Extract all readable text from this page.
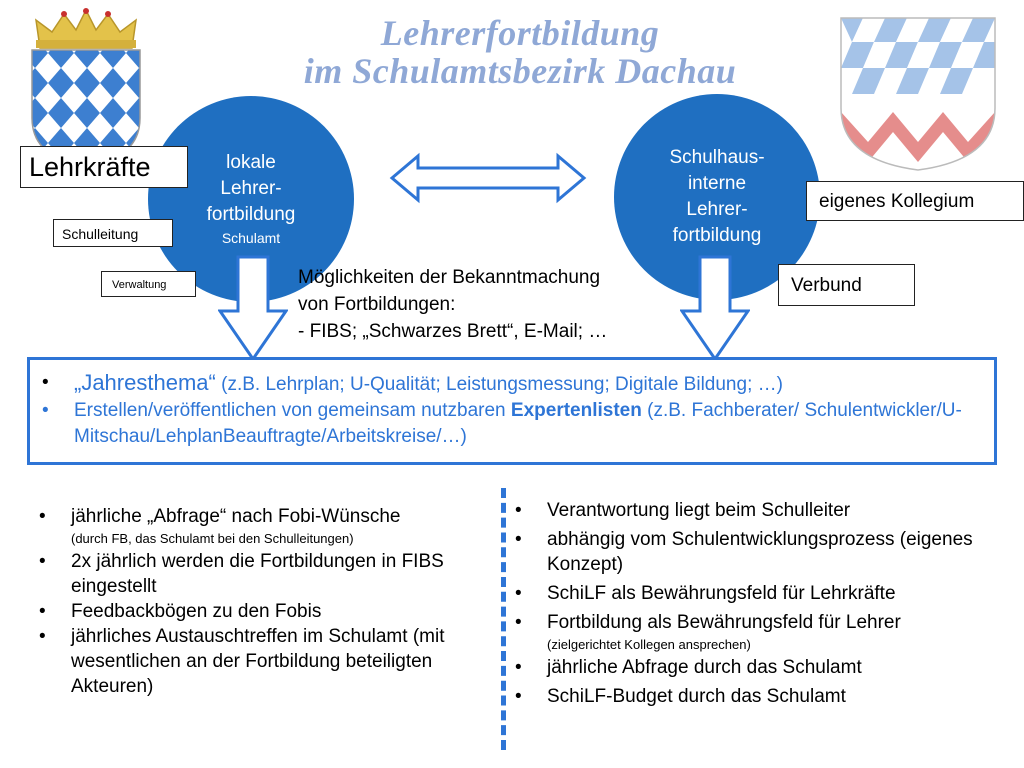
Lehrerfortbildung
im Schulamtsbezirk Dachau
lokale
Lehrer-
fortbildung
Schulamt
Schulhaus-
interne
Lehrer-
fortbildung
Lehrkräfte
Schulleitung
Verwaltung
eigenes Kollegium
Verbund
Möglichkeiten der Bekanntmachung
von Fortbildungen:
- FIBS; „Schwarzes Brett“, E-Mail; …
• „Jahresthema“ (z.B. Lehrplan; U-Qualität; Leistungsmessung; Digitale Bildung; …)
• Erstellen/veröffentlichen von gemeinsam nutzbaren Expertenlisten (z.B. Fachberater/ Schulentwickler/U-Mitschau/LehplanBeauftragte/Arbeitskreise/…)
• jährliche „Abfrage“ nach Fobi-Wünsche
(durch FB, das Schulamt bei den Schulleitungen)
• 2x jährlich werden die Fortbildungen in FIBS eingestellt
• Feedbackbögen zu den Fobis
• jährliches Austauschtreffen im Schulamt (mit wesentlichen an der Fortbildung beteiligten Akteuren)
• Verantwortung liegt beim Schulleiter
• abhängig vom Schulentwicklungsprozess (eigenes Konzept)
• SchiLF als Bewährungsfeld für Lehrkräfte
• Fortbildung als Bewährungsfeld für Lehrer
(zielgerichtet Kollegen ansprechen)
• jährliche Abfrage durch das Schulamt
• SchiLF-Budget durch das Schulamt
